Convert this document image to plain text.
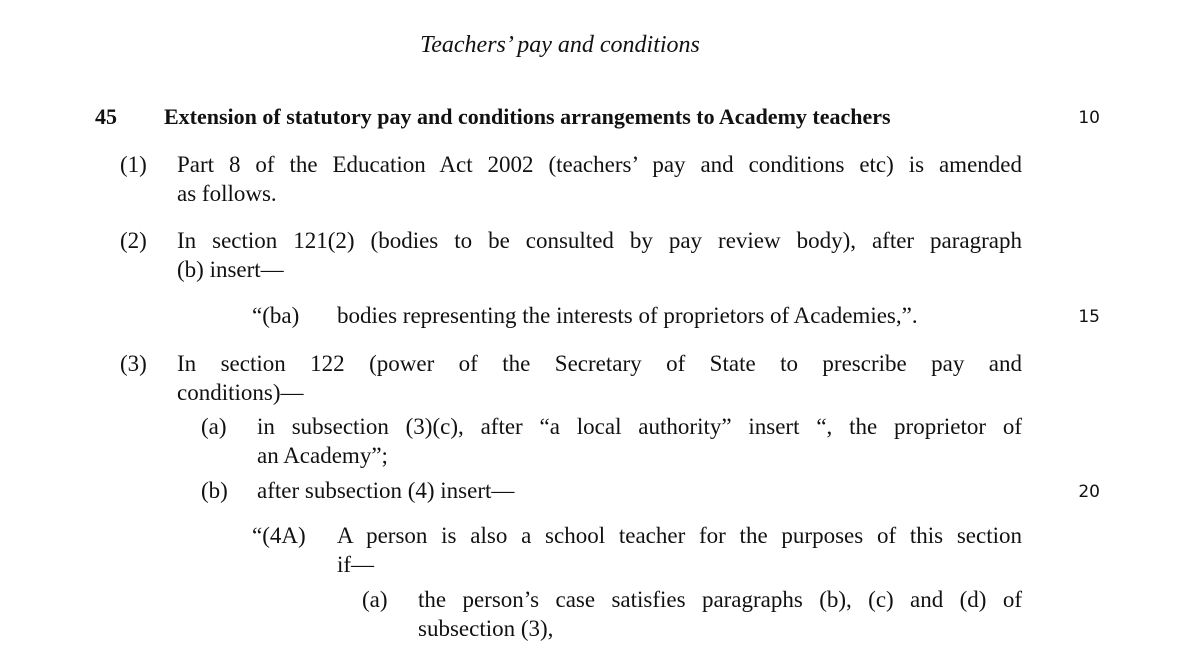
Teachers’ pay and conditions
45 Extension of statutory pay and conditions arrangements to Academy teachers	10
15
20
(1) Part 8 of the Education Act 2002 (teachers’ pay and conditions etc) is amended
as follows.
(2) In section 121(2) (bodies to be consulted by pay review body), after paragraph
(b) insert—
“(ba) bodies representing the interests of proprietors of Academies,”.
(3) In section 122 (power of the Secretary of State to prescribe pay and
conditions)—
(a) in subsection (3)(c), after “a local authority” insert “, the proprietor of
an Academy”;
(b) after subsection (4) insert—
“(4A) A person is also a school teacher for the purposes of this section
if—
(a) the person’s case satisfies paragraphs (b), (c) and (d) of
subsection (3),
